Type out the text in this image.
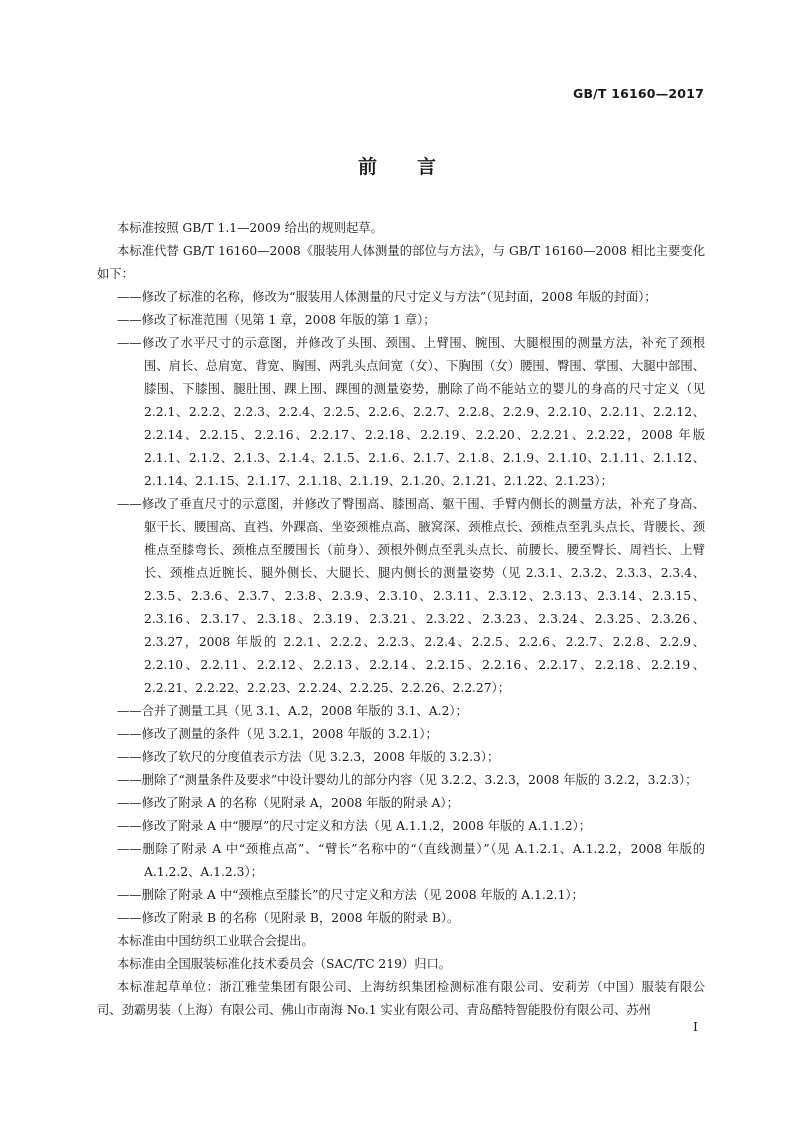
GB/T 16160—2017
前言

本标准按照 GB/T 1.1—2009 给出的规则起草。

本标准代替 GB/T 16160—2008《服装用人体测量的部位与方法》，与 GB/T 16160—2008 相比主要变化如下：

——修改了标准的名称，修改为“服装用人体测量的尺寸定义与方法”（见封面，2008 年版的封面）；

——修改了标准范围（见第 1 章，2008 年版的第 1 章）；

——修改了水平尺寸的示意图，并修改了头围、颈围、上臂围、腕围、大腿根围的测量方法，补充了颈根围、肩长、总肩宽、背宽、胸围、两乳头点间宽（女）、下胸围（女）腰围、臀围、掌围、大腿中部围、膝围、下膝围、腿肚围、踝上围、踝围的测量姿势，删除了尚不能站立的婴儿的身高的尺寸定义（见 2.2.1、2.2.2、2.2.3、2.2.4、2.2.5、2.2.6、2.2.7、2.2.8、2.2.9、2.2.10、2.2.11、2.2.12、2.2.14、2.2.15、2.2.16、2.2.17、2.2.18、2.2.19、2.2.20、2.2.21、2.2.22，2008 年版 2.1.1、2.1.2、2.1.3、2.1.4、2.1.5、2.1.6、2.1.7、2.1.8、2.1.9、2.1.10、2.1.11、2.1.12、2.1.14、2.1.15、2.1.17、2.1.18、2.1.19、2.1.20、2.1.21、2.1.22、2.1.23）；

——修改了垂直尺寸的示意图，并修改了臀围高、膝围高、躯干围、手臂内侧长的测量方法，补充了身高、躯干长、腰围高、直裆、外踝高、坐姿颈椎点高、腋窝深、颈椎点长、颈椎点至乳头点长、背腰长、颈椎点至膝弯长、颈椎点至腰围长（前身）、颈根外侧点至乳头点长、前腰长、腰至臀长、周裆长、上臂长、颈椎点近腕长、腿外侧长、大腿长、腿内侧长的测量姿势（见 2.3.1、2.3.2、2.3.3、2.3.4、2.3.5、2.3.6、2.3.7、2.3.8、2.3.9、2.3.10、2.3.11、2.3.12、2.3.13、2.3.14、2.3.15、2.3.16、2.3.17、2.3.18、2.3.19、2.3.21、2.3.22、2.3.23、2.3.24、2.3.25、2.3.26、2.3.27，2008 年版的 2.2.1、2.2.2、2.2.3、2.2.4、2.2.5、2.2.6、2.2.7、2.2.8、2.2.9、2.2.10、2.2.11、2.2.12、2.2.13、2.2.14、2.2.15、2.2.16、2.2.17、2.2.18、2.2.19、2.2.21、2.2.22、2.2.23、2.2.24、2.2.25、2.2.26、2.2.27）；

——合并了测量工具（见 3.1、A.2，2008 年版的 3.1、A.2）；

——修改了测量的条件（见 3.2.1，2008 年版的 3.2.1）；

——修改了软尺的分度值表示方法（见 3.2.3，2008 年版的 3.2.3）；

——删除了“测量条件及要求”中设计婴幼儿的部分内容（见 3.2.2、3.2.3，2008 年版的 3.2.2，3.2.3）；

——修改了附录 A 的名称（见附录 A，2008 年版的附录 A）；

——修改了附录 A 中“腰厚”的尺寸定义和方法（见 A.1.1.2，2008 年版的 A.1.1.2）；

——删除了附录 A 中“颈椎点高”、“臂长”名称中的“（直线测量）”（见 A.1.2.1、A.1.2.2，2008 年版的 A.1.2.2、A.1.2.3）；

——删除了附录 A 中“颈椎点至膝长”的尺寸定义和方法（见 2008 年版的 A.1.2.1）；

——修改了附录 B 的名称（见附录 B，2008 年版的附录 B）。

本标准由中国纺织工业联合会提出。

本标准由全国服装标准化技术委员会（SAC/TC 219）归口。

本标准起草单位：浙江雅莹集团有限公司、上海纺织集团检测标准有限公司、安莉芳（中国）服装有限公司、劲霸男装（上海）有限公司、佛山市南海 No.1 实业有限公司、青岛酷特智能股份有限公司、苏州

I
